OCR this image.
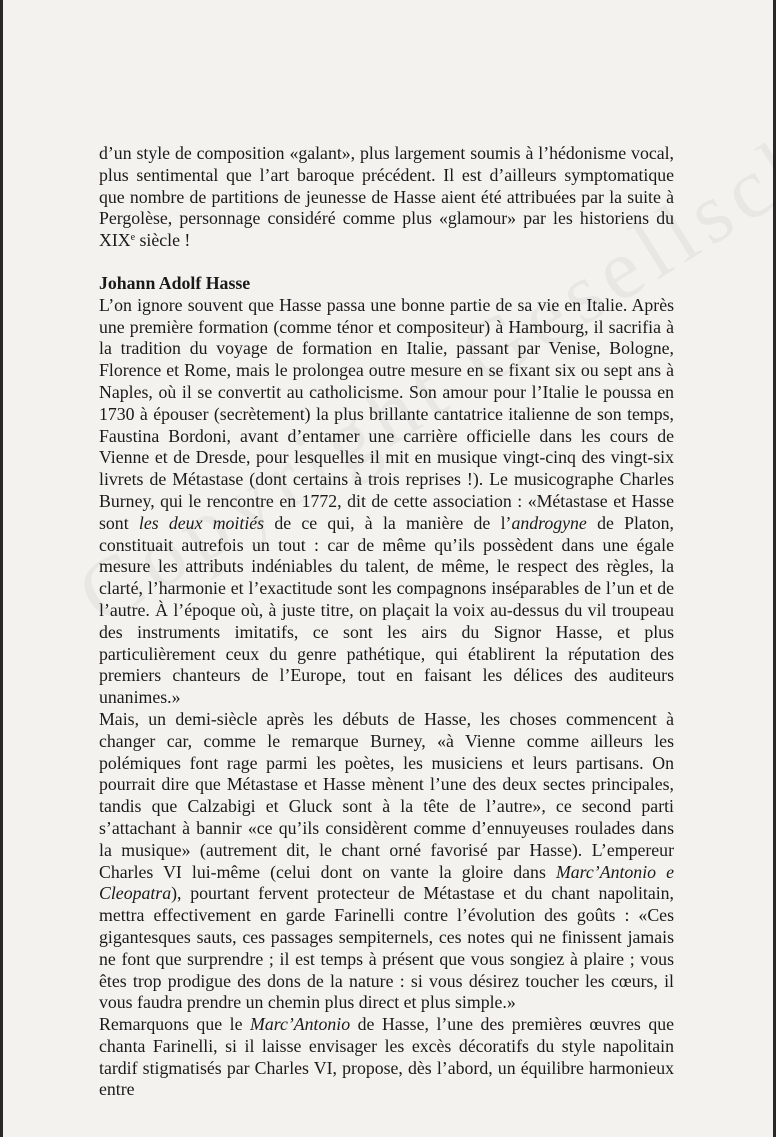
d’un style de composition «galant», plus largement soumis à l’hédonisme vocal, plus sentimental que l’art baroque précédent. Il est d’ailleurs symptomatique que nombre de partitions de jeunesse de Hasse aient été attribuées par la suite à Pergolèse, personnage considéré comme plus «glamour» par les historiens du XIXe siècle !

Johann Adolf Hasse

L’on ignore souvent que Hasse passa une bonne partie de sa vie en Italie. Après une première formation (comme ténor et compositeur) à Hambourg, il sacrifia à la tradition du voyage de formation en Italie, passant par Venise, Bologne, Florence et Rome, mais le prolongea outre mesure en se fixant six ou sept ans à Naples, où il se convertit au catholicisme. Son amour pour l’Italie le poussa en 1730 à épouser (secrètement) la plus brillante cantatrice italienne de son temps, Faustina Bordoni, avant d’entamer une carrière officielle dans les cours de Vienne et de Dresde, pour lesquelles il mit en musique vingt-cinq des vingt-six livrets de Métastase (dont certains à trois reprises !). Le musicographe Charles Burney, qui le rencontre en 1772, dit de cette association : «Métastase et Hasse sont les deux moitiés de ce qui, à la manière de l’androgyne de Platon, constituait autrefois un tout : car de même qu’ils possèdent dans une égale mesure les attributs indéniables du talent, de même, le respect des règles, la clarté, l’harmonie et l’exactitude sont les compagnons inséparables de l’un et de l’autre. À l’époque où, à juste titre, on plaçait la voix au-dessus du vil troupeau des instruments imitatifs, ce sont les airs du Signor Hasse, et plus particulièrement ceux du genre pathétique, qui établirent la réputation des premiers chanteurs de l’Europe, tout en faisant les délices des auditeurs unanimes.»

Mais, un demi-siècle après les débuts de Hasse, les choses commencent à changer car, comme le remarque Burney, «à Vienne comme ailleurs les polémiques font rage parmi les poètes, les musiciens et leurs partisans. On pourrait dire que Métastase et Hasse mènent l’une des deux sectes principales, tandis que Calzabigi et Gluck sont à la tête de l’autre», ce second parti s’attachant à bannir «ce qu’ils considèrent comme d’ennuyeuses roulades dans la musique» (autrement dit, le chant orné favorisé par Hasse). L’empereur Charles VI lui-même (celui dont on vante la gloire dans Marc’Antonio e Cleopatra), pourtant fervent protecteur de Métastase et du chant napolitain, mettra effectivement en garde Farinelli contre l’évolution des goûts : «Ces gigantesques sauts, ces passages sempiternels, ces notes qui ne finissent jamais ne font que surprendre ; il est temps à présent que vous songiez à plaire ; vous êtes trop prodigue des dons de la nature : si vous désirez toucher les cœurs, il vous faudra prendre un chemin plus direct et plus simple.»

Remarquons que le Marc’Antonio de Hasse, l’une des premières œuvres que chanta Farinelli, si il laisse envisager les excès décoratifs du style napolitain tardif stigmatisés par Charles VI, propose, dès l’abord, un équilibre harmonieux entre
